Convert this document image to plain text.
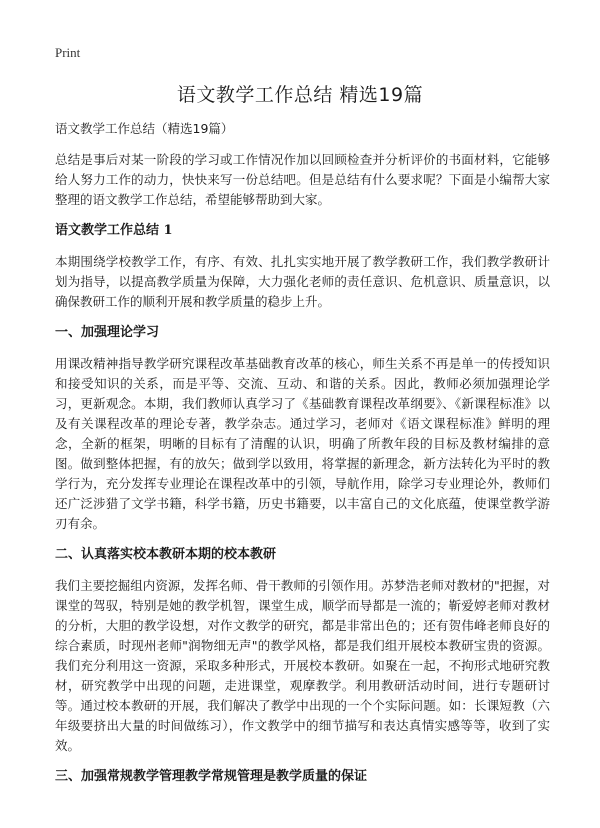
Print
语文教学工作总结 精选19篇

语文教学工作总结（精选19篇）

总结是事后对某一阶段的学习或工作情况作加以回顾检查并分析评价的书面材料，它能够给人努力工作的动力，快快来写一份总结吧。但是总结有什么要求呢？下面是小编帮大家整理的语文教学工作总结，希望能够帮助到大家。

语文教学工作总结 1

本期围绕学校教学工作，有序、有效、扎扎实实地开展了教学教研工作，我们教学教研计划为指导，以提高教学质量为保障，大力强化老师的责任意识、危机意识、质量意识，以确保教研工作的顺利开展和教学质量的稳步上升。

一、加强理论学习

用课改精神指导教学研究课程改革基础教育改革的核心，师生关系不再是单一的传授知识和接受知识的关系，而是平等、交流、互动、和谐的关系。因此，教师必须加强理论学习，更新观念。本期，我们教师认真学习了《基础教育课程改革纲要》、《新课程标准》以及有关课程改革的理论专著，教学杂志。通过学习，老师对《语文课程标准》鲜明的理念，全新的框架，明晰的目标有了清醒的认识，明确了所教年段的目标及教材编排的意图。做到整体把握，有的放矢；做到学以致用，将掌握的新理念，新方法转化为平时的教学行为，充分发挥专业理论在课程改革中的引领，导航作用，除学习专业理论外，教师们还广泛涉猎了文学书籍，科学书籍，历史书籍要，以丰富自己的文化底蕴，使课堂教学游刃有余。

二、认真落实校本教研本期的校本教研

我们主要挖掘组内资源，发挥名师、骨干教师的引领作用。苏梦浩老师对教材的"把握，对课堂的驾驭，特别是她的教学机智，课堂生成，顺学而导都是一流的；靳爱婷老师对教材的分析，大胆的教学设想，对作文教学的研究，都是非常出色的；还有贺伟峰老师良好的综合素质，时现州老师"润物细无声"的教学风格，都是我们组开展校本教研宝贵的资源。我们充分利用这一资源，采取多种形式，开展校本教研。如聚在一起，不拘形式地研究教材，研究教学中出现的问题，走进课堂，观摩教学。利用教研活动时间，进行专题研讨等。通过校本教研的开展，我们解决了教学中出现的一个个实际问题。如：长课短教（六年级要挤出大量的时间做练习），作文教学中的细节描写和表达真情实感等等，收到了实效。

三、加强常规教学管理教学常规管理是教学质量的保证
